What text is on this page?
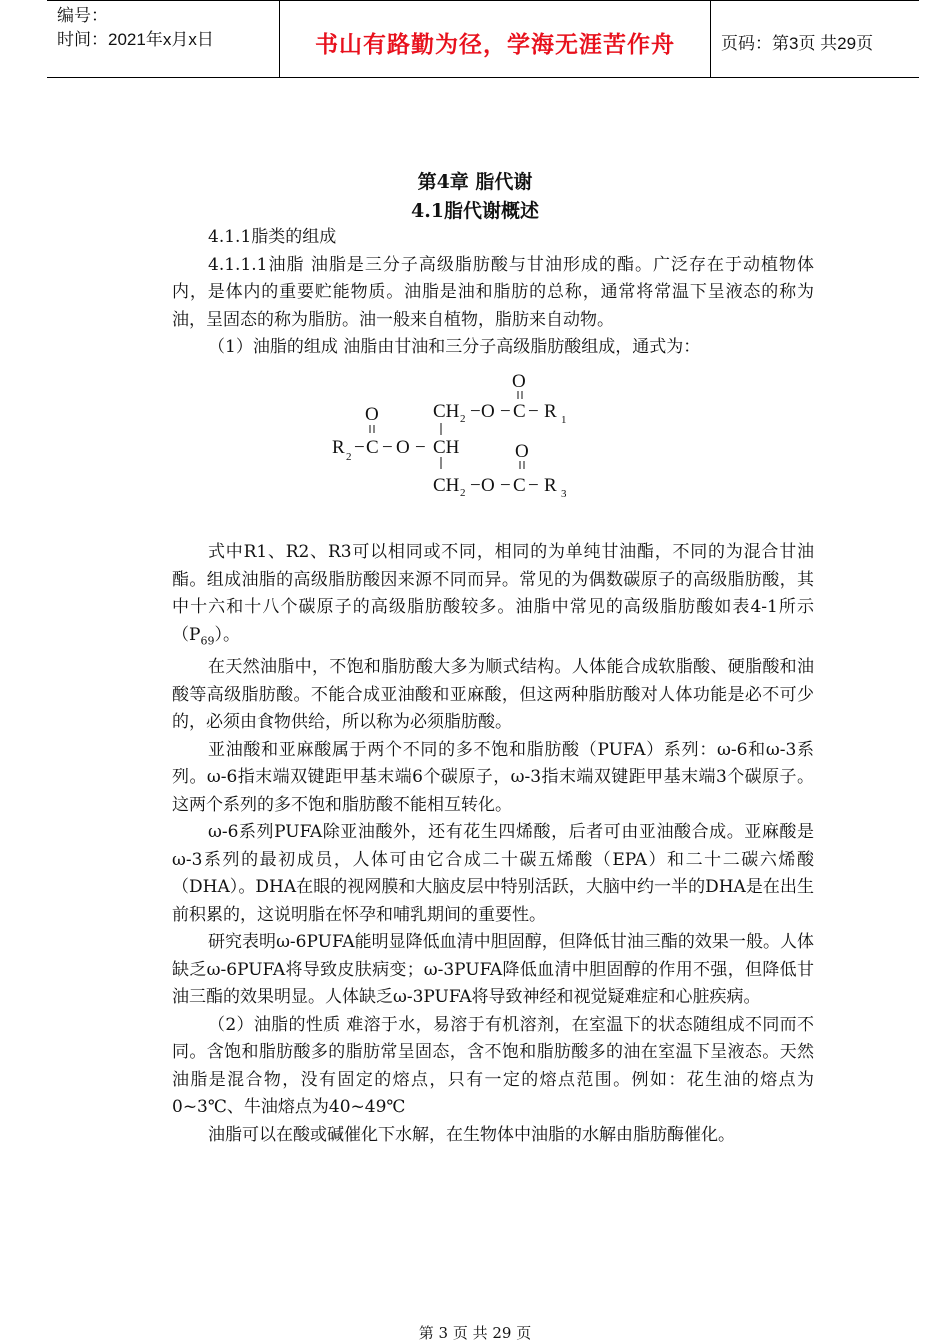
编号：
时间：2021年x月x日	书山有路勤为径，学海无涯苦作舟	页码：第3页 共29页
第4章 脂代谢
4.1脂代谢概述

4.1.1脂类的组成

4.1.1.1油脂 油脂是三分子高级脂肪酸与甘油形成的酯。广泛存在于动植物体内，是体内的重要贮能物质。油脂是油和脂肪的总称，通常将常温下呈液态的称为油，呈固态的称为脂肪。油一般来自植物，脂肪来自动物。

（1）油脂的组成 油脂由甘油和三分子高级脂肪酸组成，通式为：

O
CH 2 − O − C − R 1
O
R 2 − C − O − CH	O
CH 2 − O − C − R 3

式中R1、R2、R3可以相同或不同，相同的为单纯甘油酯，不同的为混合甘油酯。组成油脂的高级脂肪酸因来源不同而异。常见的为偶数碳原子的高级脂肪酸，其中十六和十八个碳原子的高级脂肪酸较多。油脂中常见的高级脂肪酸如表4-1所示$(P_{69})$。

在天然油脂中，不饱和脂肪酸大多为顺式结构。人体能合成软脂酸、硬脂酸和油酸等高级脂肪酸。不能合成亚油酸和亚麻酸，但这两种脂肪酸对人体功能是必不可少的，必须由食物供给，所以称为必须脂肪酸。

亚油酸和亚麻酸属于两个不同的多不饱和脂肪酸（PUFA）系列：ω-6和ω-3系列。ω-6指末端双键距甲基末端6个碳原子，ω-3指末端双键距甲基末端3个碳原子。这两个系列的多不饱和脂肪酸不能相互转化。

ω-6系列PUFA除亚油酸外，还有花生四烯酸，后者可由亚油酸合成。亚麻酸是ω-3系列的最初成员，人体可由它合成二十碳五烯酸（EPA）和二十二碳六烯酸（DHA）。DHA在眼的视网膜和大脑皮层中特别活跃，大脑中约一半的DHA是在出生前积累的，这说明脂在怀孕和哺乳期间的重要性。

研究表明ω-6PUFA能明显降低血清中胆固醇，但降低甘油三酯的效果一般。人体缺乏ω-6PUFA将导致皮肤病变；ω-3PUFA降低血清中胆固醇的作用不强，但降低甘油三酯的效果明显。人体缺乏ω-3PUFA将导致神经和视觉疑难症和心脏疾病。

（2）油脂的性质 难溶于水，易溶于有机溶剂，在室温下的状态随组成不同而不同。含饱和脂肪酸多的脂肪常呈固态，含不饱和脂肪酸多的油在室温下呈液态。天然油脂是混合物，没有固定的熔点，只有一定的熔点范围。例如：花生油的熔点为0~3℃、牛油熔点为40~49℃

油脂可以在酸或碱催化下水解，在生物体中油脂的水解由脂肪酶催化。

第 3 页 共 29 页
